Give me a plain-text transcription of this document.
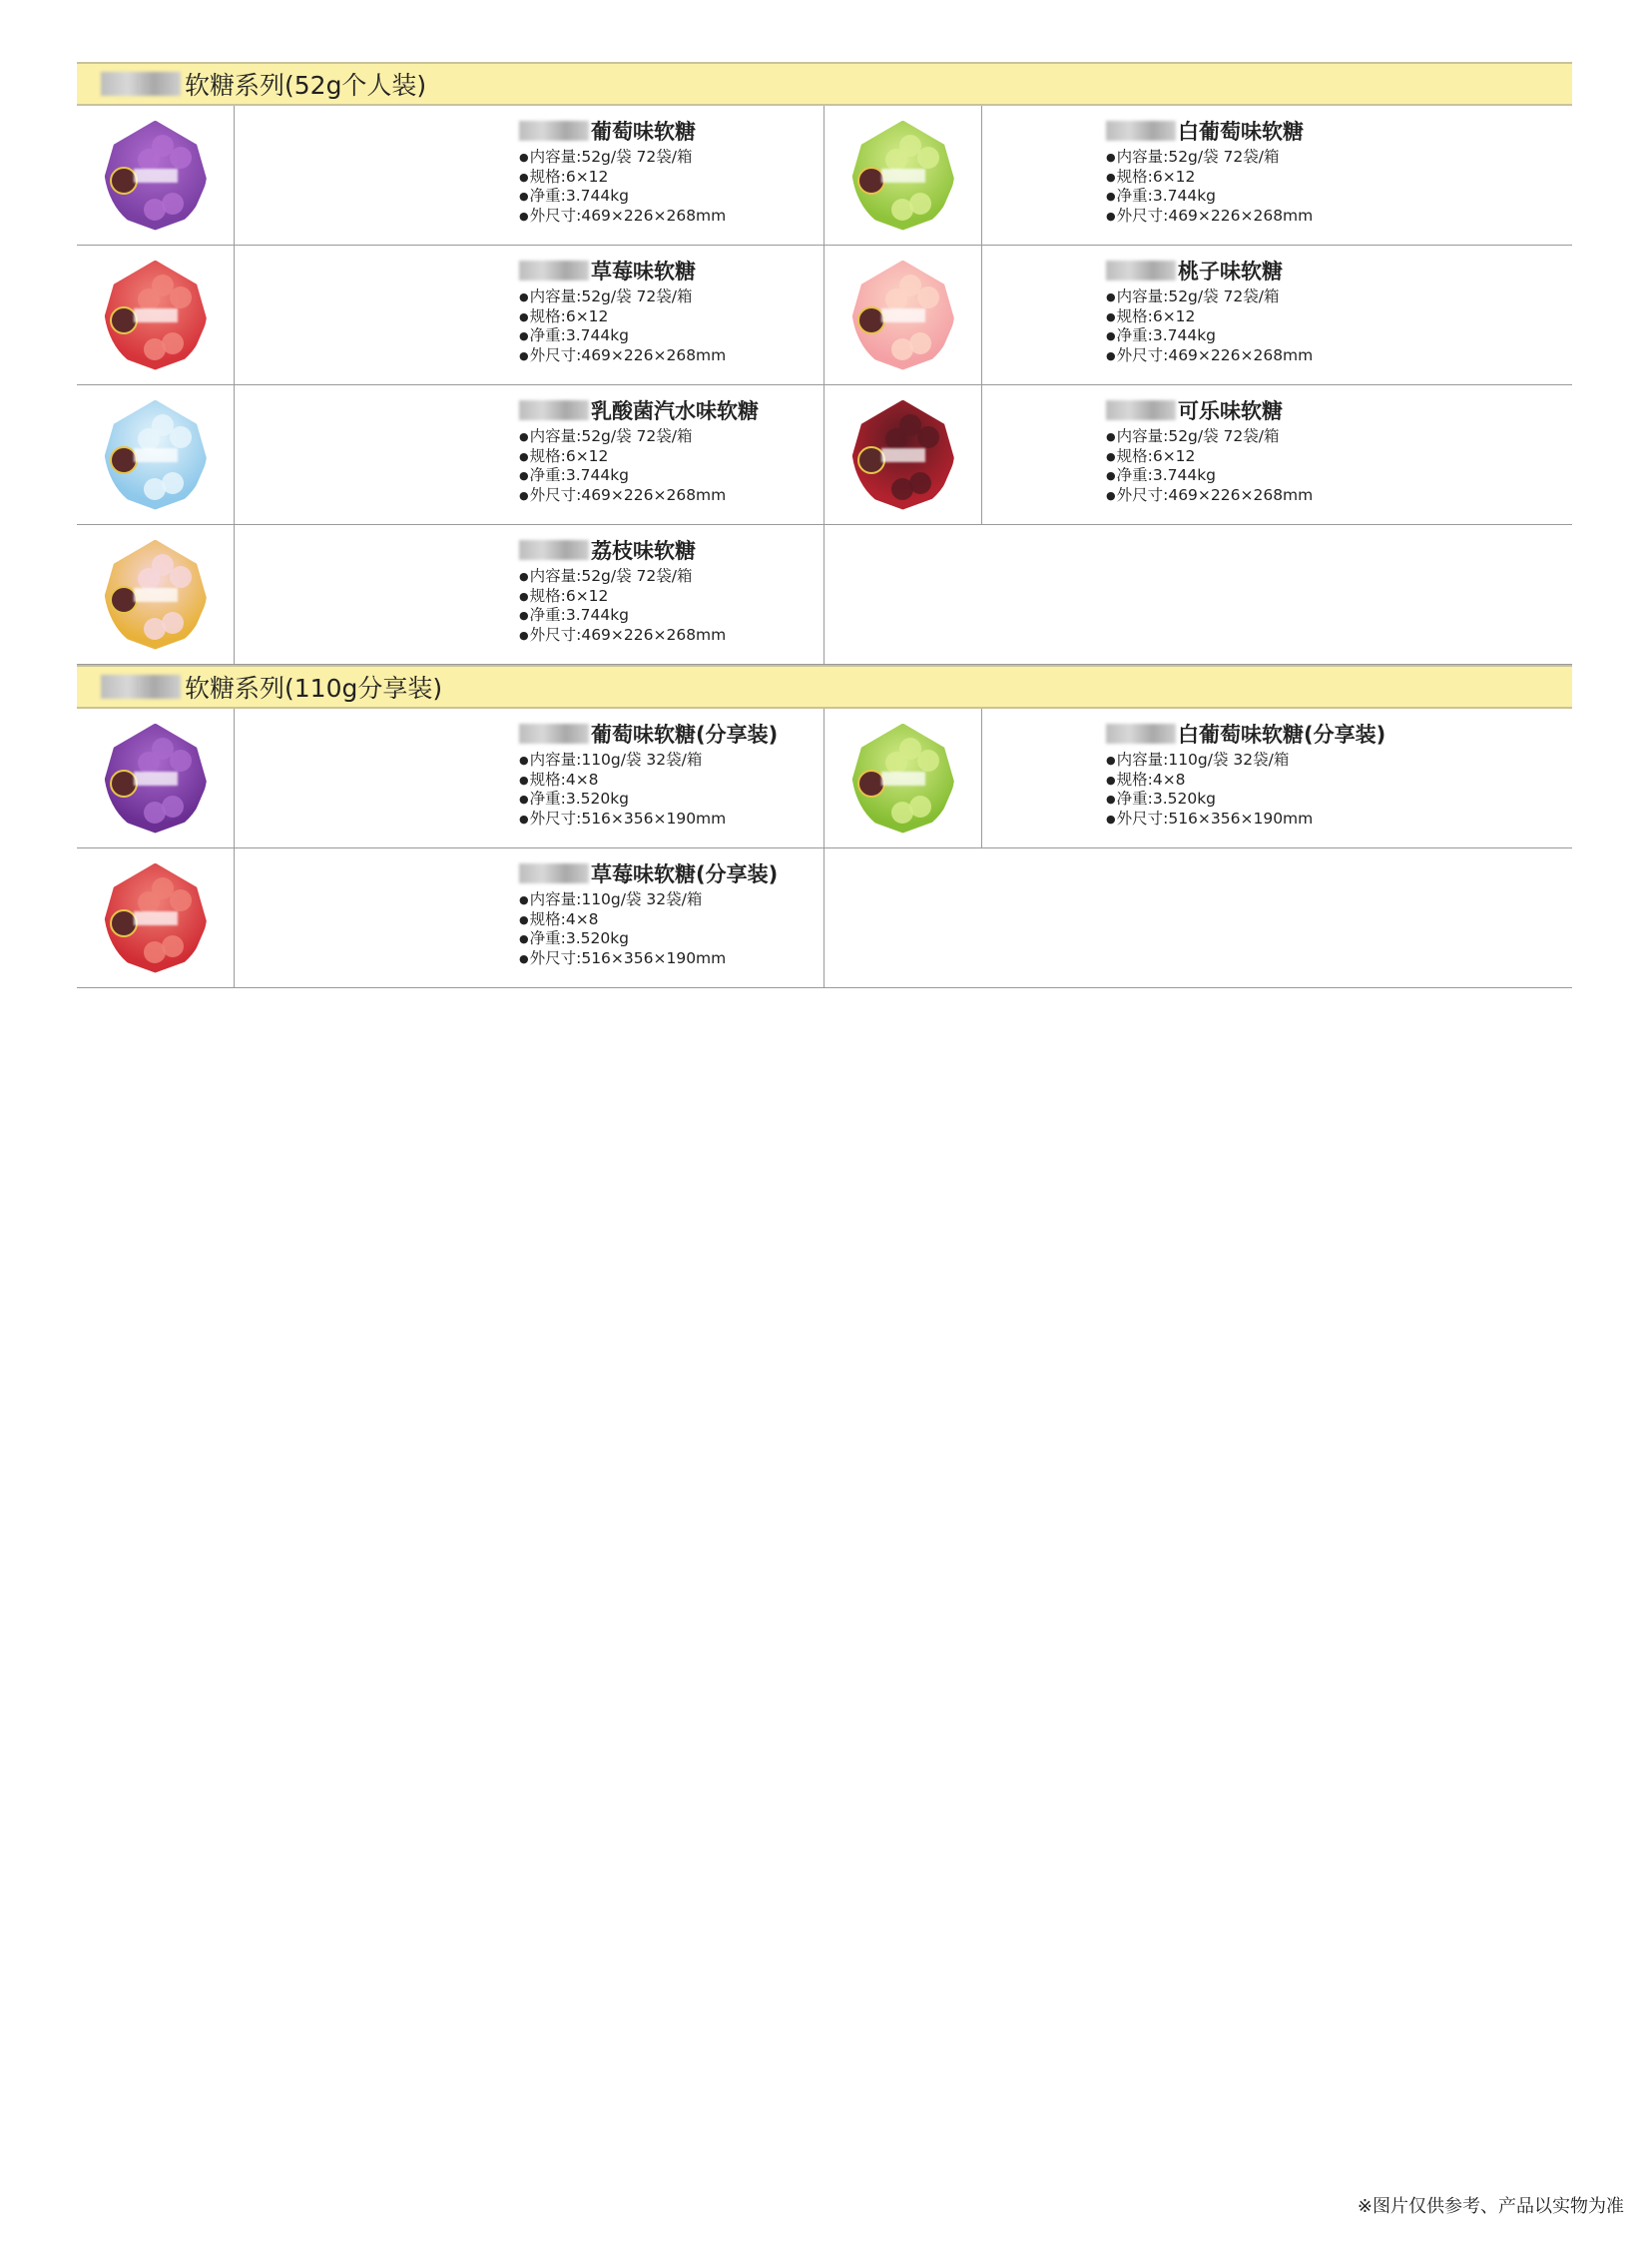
软糖系列(52g个人装)
葡萄味软糖
● 内容量:52g/袋 72袋/箱
● 规格:6×12
● 净重:3.744kg
● 外尺寸:469×226×268mm
白葡萄味软糖
● 内容量:52g/袋 72袋/箱
● 规格:6×12
● 净重:3.744kg
● 外尺寸:469×226×268mm
草莓味软糖
● 内容量:52g/袋 72袋/箱
● 规格:6×12
● 净重:3.744kg
● 外尺寸:469×226×268mm
桃子味软糖
● 内容量:52g/袋 72袋/箱
● 规格:6×12
● 净重:3.744kg
● 外尺寸:469×226×268mm
乳酸菌汽水味软糖
● 内容量:52g/袋 72袋/箱
● 规格:6×12
● 净重:3.744kg
● 外尺寸:469×226×268mm
可乐味软糖
● 内容量:52g/袋 72袋/箱
● 规格:6×12
● 净重:3.744kg
● 外尺寸:469×226×268mm
荔枝味软糖
● 内容量:52g/袋 72袋/箱
● 规格:6×12
● 净重:3.744kg
● 外尺寸:469×226×268mm
软糖系列(110g分享装)
葡萄味软糖(分享装)
● 内容量:110g/袋 32袋/箱
● 规格:4×8
● 净重:3.520kg
● 外尺寸:516×356×190mm
白葡萄味软糖(分享装)
● 内容量:110g/袋 32袋/箱
● 规格:4×8
● 净重:3.520kg
● 外尺寸:516×356×190mm
草莓味软糖(分享装)
● 内容量:110g/袋 32袋/箱
● 规格:4×8
● 净重:3.520kg
● 外尺寸:516×356×190mm
※图片仅供参考、产品以实物为准
